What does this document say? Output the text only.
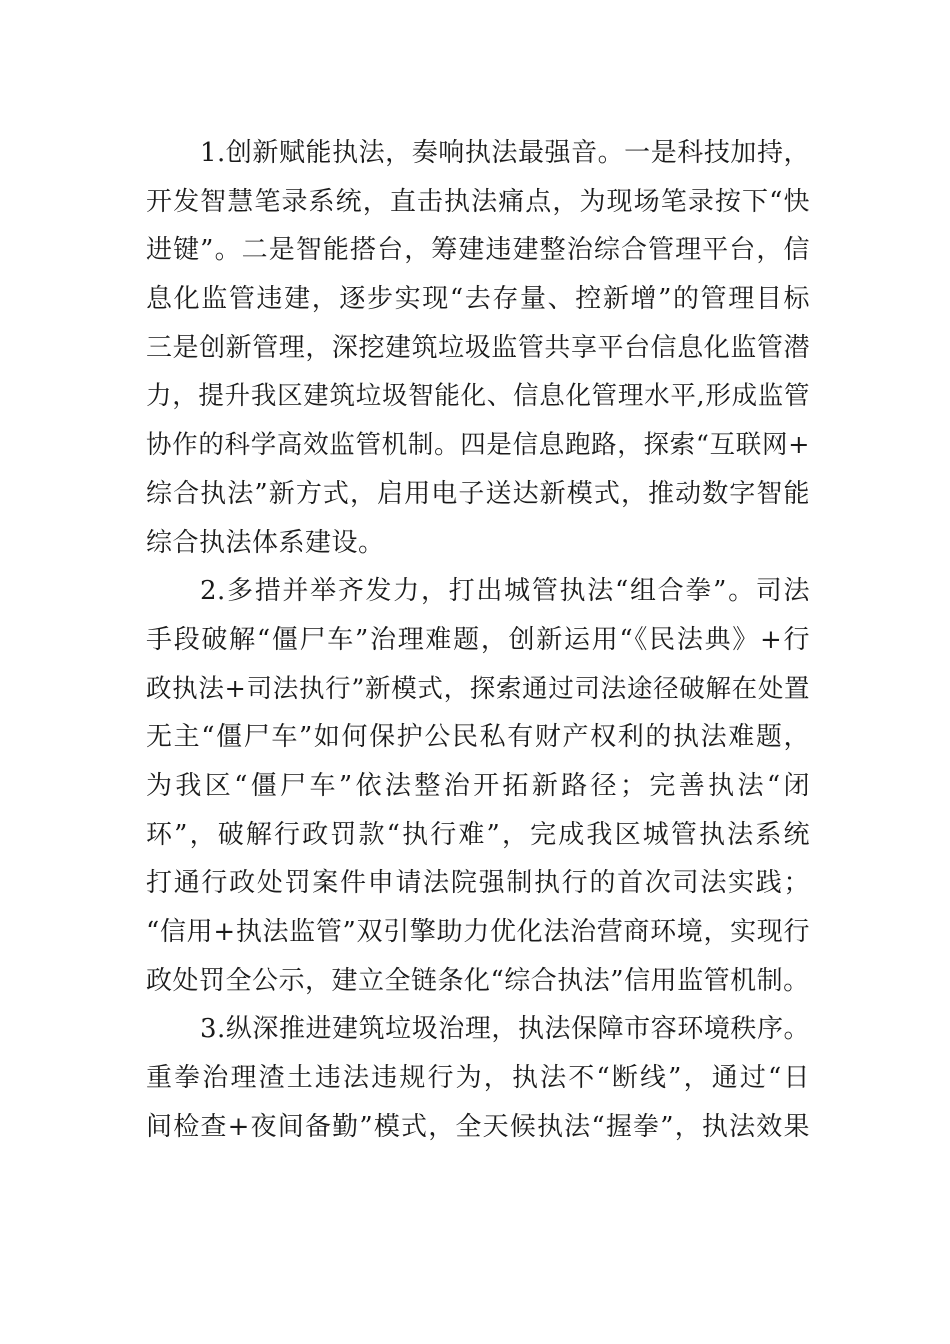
1.创新赋能执法，奏响执法最强音。一是科技加持，
开发智慧笔录系统，直击执法痛点，为现场笔录按下“快
进键”。二是智能搭台，筹建违建整治综合管理平台，信
息化监管违建，逐步实现“去存量、控新增”的管理目标
三是创新管理，深挖建筑垃圾监管共享平台信息化监管潜
力，提升我区建筑垃圾智能化、信息化管理水平,形成监管
协作的科学高效监管机制。四是信息跑路，探索“互联网+
综合执法”新方式，启用电子送达新模式，推动数字智能
综合执法体系建设。
2.多措并举齐发力，打出城管执法“组合拳”。司法
手段破解“僵尸车”治理难题，创新运用“《民法典》+行
政执法+司法执行”新模式，探索通过司法途径破解在处置
无主“僵尸车”如何保护公民私有财产权利的执法难题，
为我区“僵尸车”依法整治开拓新路径；完善执法“闭
环”，破解行政罚款“执行难”，完成我区城管执法系统
打通行政处罚案件申请法院强制执行的首次司法实践；
“信用+执法监管”双引擎助力优化法治营商环境，实现行
政处罚全公示，建立全链条化“综合执法”信用监管机制。
3.纵深推进建筑垃圾治理，执法保障市容环境秩序。
重拳治理渣土违法违规行为，执法不“断线”，通过“日
间检查+夜间备勤”模式，全天候执法“握拳”，执法效果
